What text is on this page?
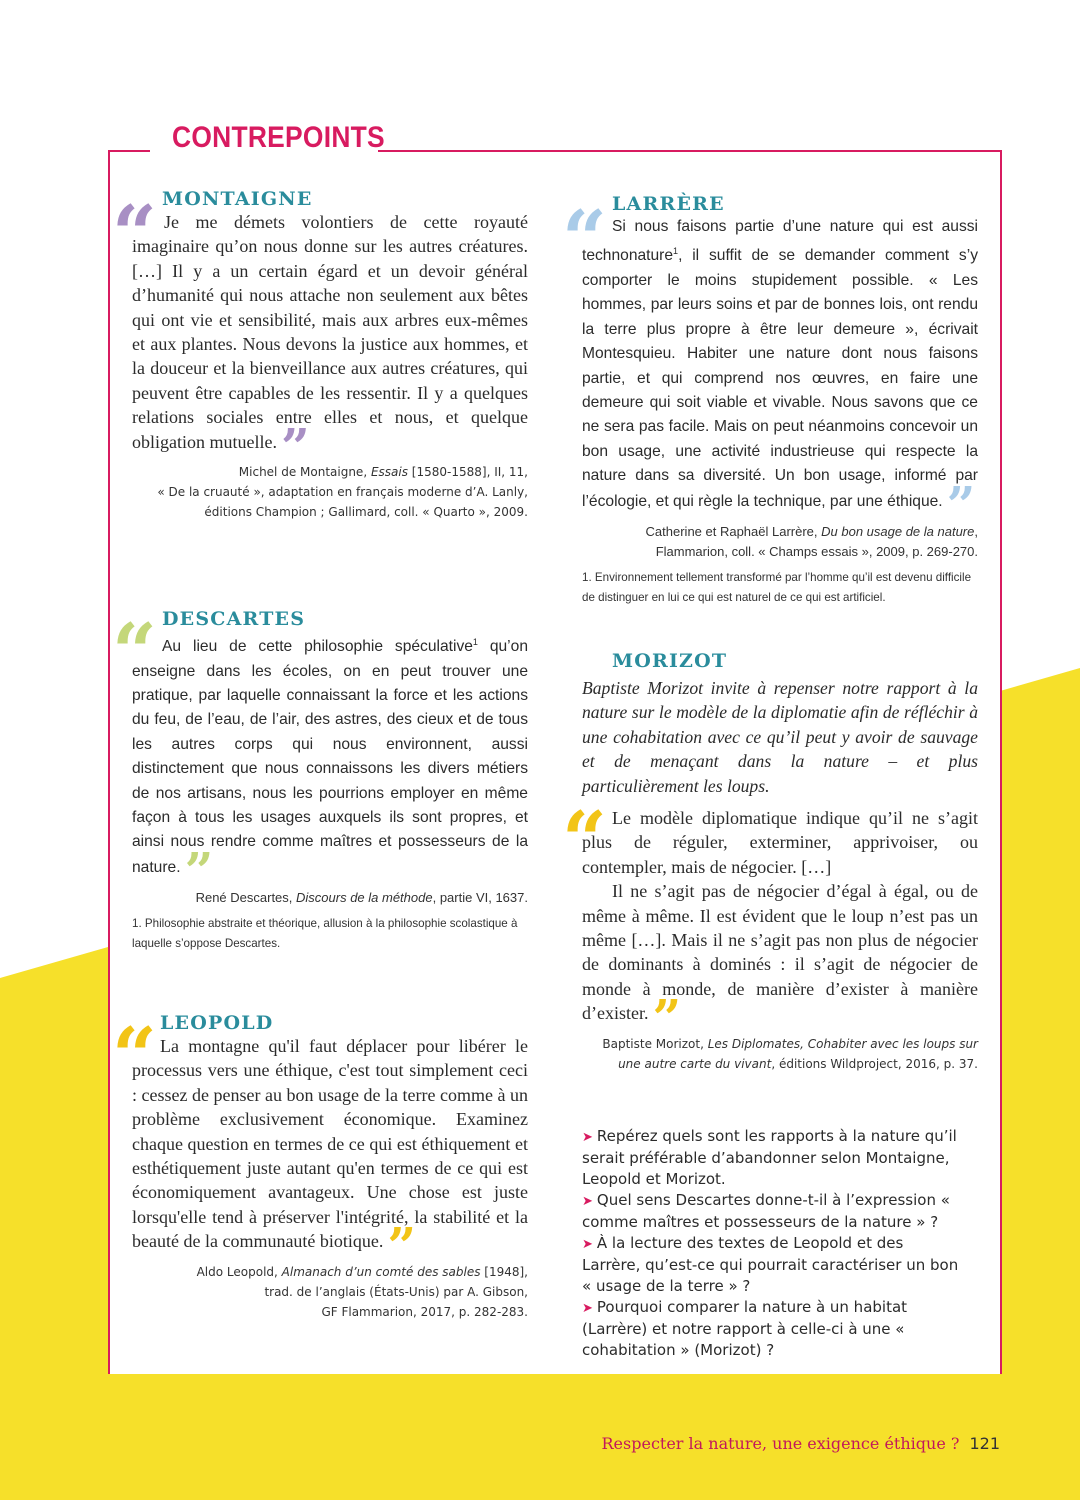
CONTREPOINTS
MONTAIGNE
“ Je me démets volontiers de cette royauté imaginaire qu’on nous donne sur les autres créatures. […] Il y a un certain égard et un devoir général d’humanité qui nous attache non seulement aux bêtes qui ont vie et sensibilité, mais aux arbres eux-mêmes et aux plantes. Nous devons la justice aux hommes, et la douceur et la bienveillance aux autres créatures, qui peuvent être capables de les ressentir. Il y a quelques relations sociales entre elles et nous, et quelque obligation mutuelle.”

Michel de Montaigne, Essais [1580-1588], II, 11,
« De la cruauté », adaptation en français moderne d’A. Lanly,
éditions Champion ; Gallimard, coll. « Quarto », 2009.

DESCARTES
“ Au lieu de cette philosophie spéculative$^1$ qu’on enseigne dans les écoles, on en peut trouver une pratique, par laquelle connaissant la force et les actions du feu, de l’eau, de l’air, des astres, des cieux et de tous les autres corps qui nous environnent, aussi distinctement que nous connaissons les divers métiers de nos artisans, nous les pourrions employer en même façon à tous les usages auxquels ils sont propres, et ainsi nous rendre comme maîtres et possesseurs de la nature.”

René Descartes, Discours de la méthode, partie VI, 1637.

1. Philosophie abstraite et théorique, allusion à la philosophie scolastique à laquelle s’oppose Descartes.

LEOPOLD
“ La montagne qu'il faut déplacer pour libérer le processus vers une éthique, c'est tout simplement ceci : cessez de penser au bon usage de la terre comme à un problème exclusivement économique. Examinez chaque question en termes de ce qui est éthiquement et esthétiquement juste autant qu'en termes de ce qui est économiquement avantageux. Une chose est juste lorsqu'elle tend à préserver l'intégrité, la stabilité et la beauté de la communauté biotique.”

Aldo Leopold, Almanach d’un comté des sables [1948],
trad. de l’anglais (États-Unis) par A. Gibson,
GF Flammarion, 2017, p. 282-283.

LARRÈRE
“ Si nous faisons partie d’une nature qui est aussi technonature$^1$, il suffit de se demander comment s’y comporter le moins stupidement possible. « Les hommes, par leurs soins et par de bonnes lois, ont rendu la terre plus propre à être leur demeure », écrivait Montesquieu. Habiter une nature dont nous faisons partie, et qui comprend nos œuvres, en faire une demeure qui soit viable et vivable. Nous savons que ce ne sera pas facile. Mais on peut néanmoins concevoir un bon usage, une activité industrieuse qui respecte la nature dans sa diversité. Un bon usage, informé par l’écologie, et qui règle la technique, par une éthique.”

Catherine et Raphaël Larrère, Du bon usage de la nature,
Flammarion, coll. « Champs essais », 2009, p. 269-270.

1. Environnement tellement transformé par l’homme qu’il est devenu difficile de distinguer en lui ce qui est naturel de ce qui est artificiel.

MORIZOT

Baptiste Morizot invite à repenser notre rapport à la nature sur le modèle de la diplomatie afin de réfléchir à une cohabitation avec ce qu’il peut y avoir de sauvage et de menaçant dans la nature – et plus particulièrement les loups.

“ Le modèle diplomatique indique qu’il ne s’agit plus de réguler, exterminer, apprivoiser, ou contempler, mais de négocier. […]

Il ne s’agit pas de négocier d’égal à égal, ou de même à même. Il est évident que le loup n’est pas un même […]. Mais il ne s’agit pas non plus de négocier de dominants à dominés : il s’agit de négocier de monde à monde, de manière d’exister à manière d’exister.”

Baptiste Morizot, Les Diplomates, Cohabiter avec les loups sur une autre carte du vivant, éditions Wildproject, 2016, p. 37.

➤ Repérez quels sont les rapports à la nature qu’il serait préférable d’abandonner selon Montaigne, Leopold et Morizot.
➤ Quel sens Descartes donne-t-il à l’expression « comme maîtres et possesseurs de la nature » ?
➤ À la lecture des textes de Leopold et des Larrère, qu’est-ce qui pourrait caractériser un bon « usage de la terre » ?
➤ Pourquoi comparer la nature à un habitat (Larrère) et notre rapport à celle-ci à une « cohabitation » (Morizot) ?
Respecter la nature, une exigence éthique ? 121
